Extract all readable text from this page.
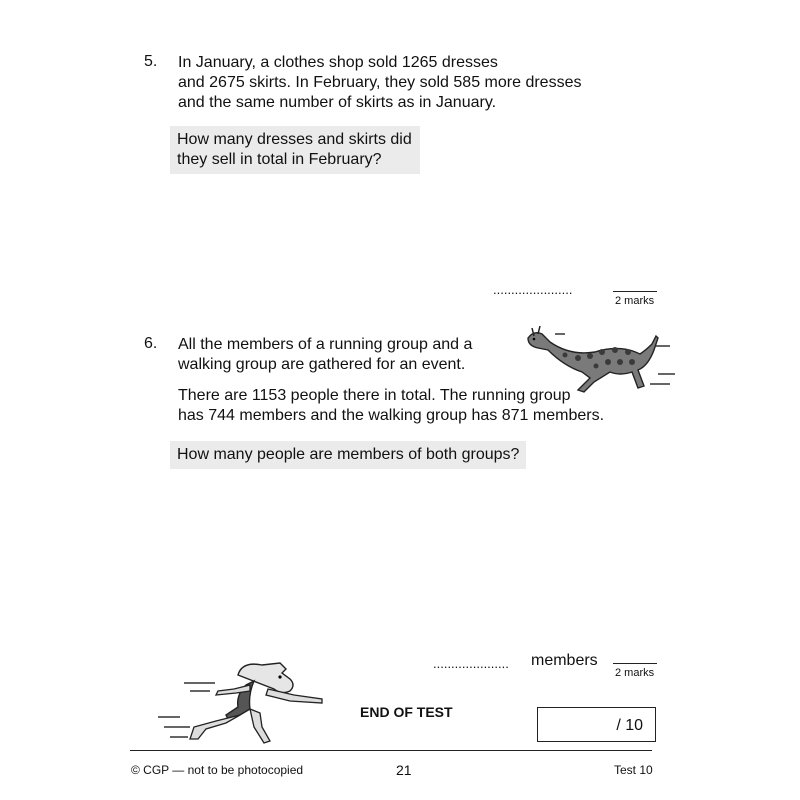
5. In January, a clothes shop sold 1265 dresses
and 2675 skirts. In February, they sold 585 more dresses
and the same number of skirts as in January.
How many dresses and skirts did
they sell in total in February?
......................
2 marks
6. All the members of a running group and a
walking group are gathered for an event.
There are 1153 people there in total. The running group
has 744 members and the walking group has 871 members.
How many people are members of both groups?
..................... members
2 marks
END OF TEST
/ 10
© CGP — not to be photocopied	21	Test 10
